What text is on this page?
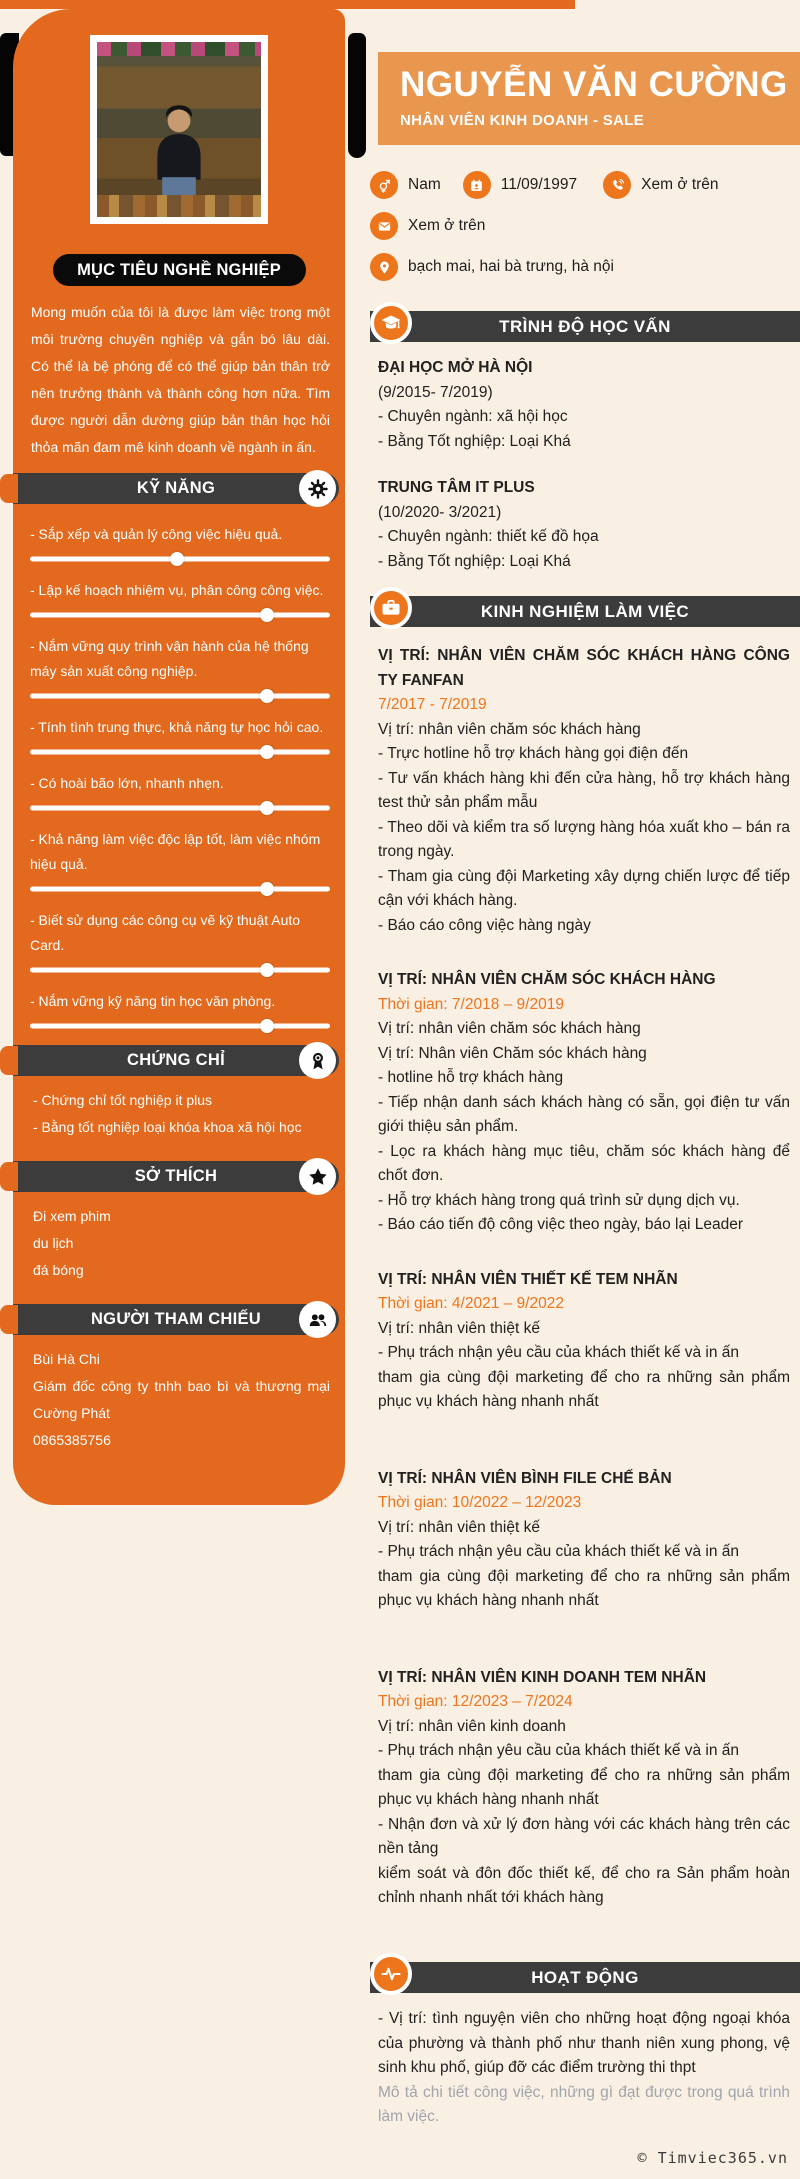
MỤC TIÊU NGHỀ NGHIỆP

Mong muốn của tôi là được làm việc trong một môi trường chuyên nghiệp và gắn bó lâu dài. Có thể là bệ phóng để có thể giúp bản thân trở nên trưởng thành và thành công hơn nữa. Tìm được người dẫn dường giúp bản thân học hỏi thỏa mãn đam mê kinh doanh về ngành in ấn.

KỸ NĂNG

- Sắp xếp và quản lý công việc hiệu quả.

- Lập kế hoạch nhiệm vụ, phân công công việc.

- Nắm vững quy trình vận hành của hệ thống máy sản xuất công nghiệp.

- Tính tình trung thực, khả năng tự học hỏi cao.

- Có hoài bão lớn, nhanh nhẹn.

- Khả năng làm việc độc lập tốt, làm việc nhóm hiệu quả.

- Biết sử dụng các công cụ vẽ kỹ thuật Auto Card.

- Nắm vững kỹ năng tin học văn phòng.

CHỨNG CHỈ

- Chứng chỉ tốt nghiệp it plus

- Bằng tốt nghiệp loại khóa khoa xã hội học

SỞ THÍCH

Đi xem phim

du lịch

đá bóng

NGƯỜI THAM CHIẾU

Bùi Hà Chi

Giám đốc công ty tnhh bao bì và thương mại Cường Phát

0865385756

NGUYỄN VĂN CƯỜNG
NHÂN VIÊN KINH DOANH - SALE
Nam	11/09/1997	Xem ở trên
Xem ở trên
bạch mai, hai bà trưng, hà nội
TRÌNH ĐỘ HỌC VẤN

ĐẠI HỌC MỞ HÀ NỘI

(9/2015- 7/2019)

- Chuyên ngành: xã hội học

- Bằng Tốt nghiệp: Loại Khá

TRUNG TÂM IT PLUS

(10/2020- 3/2021)

- Chuyên ngành: thiết kế đồ họa

- Bằng Tốt nghiệp: Loại Khá

KINH NGHIỆM LÀM VIỆC

VỊ TRÍ: NHÂN VIÊN CHĂM SÓC KHÁCH HÀNG CÔNG TY FANFAN

7/2017 - 7/2019

Vị trí: nhân viên chăm sóc khách hàng

- Trực hotline hỗ trợ khách hàng gọi điện đến

- Tư vấn khách hàng khi đến cửa hàng, hỗ trợ khách hàng test thử sản phẩm mẫu

- Theo dõi và kiểm tra số lượng hàng hóa xuất kho – bán ra trong ngày.

- Tham gia cùng đội Marketing xây dựng chiến lược để tiếp cận với khách hàng.

- Báo cáo công việc hàng ngày

VỊ TRÍ: NHÂN VIÊN CHĂM SÓC KHÁCH HÀNG

Thời gian: 7/2018 – 9/2019

Vị trí: nhân viên chăm sóc khách hàng

Vị trí: Nhân viên Chăm sóc khách hàng

- hotline hỗ trợ khách hàng

- Tiếp nhận danh sách khách hàng có sẵn, gọi điện tư vấn giới thiệu sản phẩm.

- Lọc ra khách hàng mục tiêu, chăm sóc khách hàng để chốt đơn.

- Hỗ trợ khách hàng trong quá trình sử dụng dịch vụ.

- Báo cáo tiến độ công việc theo ngày, báo lại Leader

VỊ TRÍ: NHÂN VIÊN THIẾT KẾ TEM NHÃN

Thời gian: 4/2021 – 9/2022

Vị trí: nhân viên thiệt kế

- Phụ trách nhận yêu cầu của khách thiết kế và in ấn

tham gia cùng đội marketing để cho ra những sản phẩm phục vụ khách hàng nhanh nhất

VỊ TRÍ: NHÂN VIÊN BÌNH FILE CHẾ BẢN

Thời gian: 10/2022 – 12/2023

Vị trí: nhân viên thiệt kế

- Phụ trách nhận yêu cầu của khách thiết kế và in ấn

tham gia cùng đội marketing để cho ra những sản phẩm phục vụ khách hàng nhanh nhất

VỊ TRÍ: NHÂN VIÊN KINH DOANH TEM NHÃN

Thời gian: 12/2023 – 7/2024

Vị trí: nhân viên kinh doanh

- Phụ trách nhận yêu cầu của khách thiết kế và in ấn

tham gia cùng đội marketing để cho ra những sản phẩm phục vụ khách hàng nhanh nhất

- Nhận đơn và xử lý đơn hàng với các khách hàng trên các nền tảng

kiểm soát và đôn đốc thiết kế, để cho ra Sản phẩm hoàn chỉnh nhanh nhất tới khách hàng

HOẠT ĐỘNG

- Vị trí: tình nguyện viên cho những hoạt động ngoại khóa của phường và thành phố như thanh niên xung phong, vệ sinh khu phố, giúp đỡ các điểm trường thi thpt

Mô tả chi tiết công việc, những gì đạt được trong quá trình làm việc.

© Timviec365.vn
